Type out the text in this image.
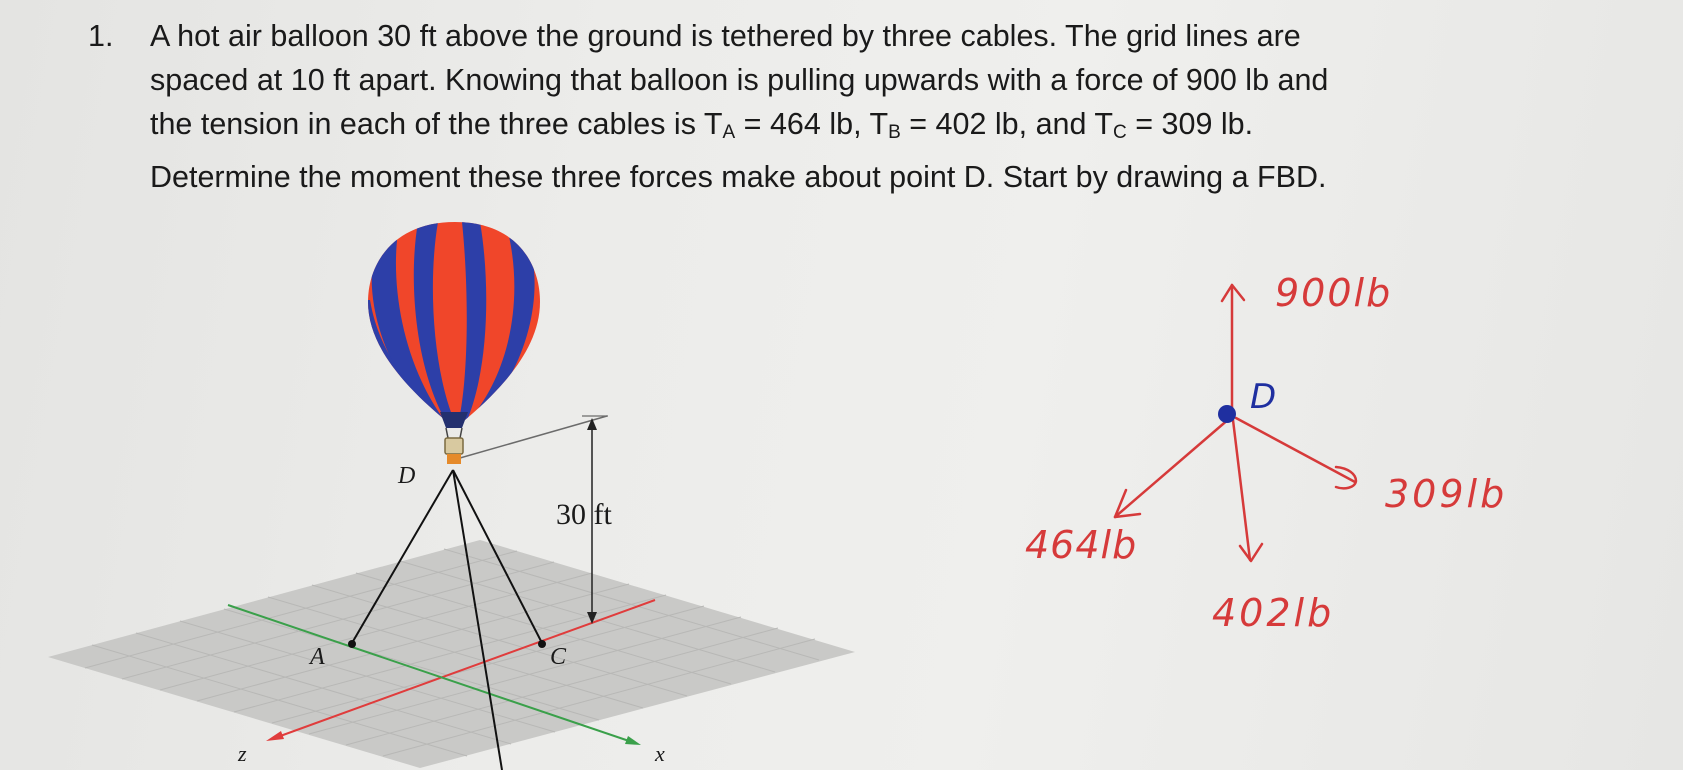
1. A hot air balloon 30 ft above the ground is tethered by three cables. The grid lines are
spaced at 10 ft apart. Knowing that balloon is pulling upwards with a force of 900 lb and
the tension in each of the three cables is $T_A = 464$ lb, $T_B = 402$ lb, and $T_C = 309$ lb.
Determine the moment these three forces make about point D. Start by drawing a FBD.
D
A	C
z	x
30 ft
D
900lb
464lb
402lb
309lb
